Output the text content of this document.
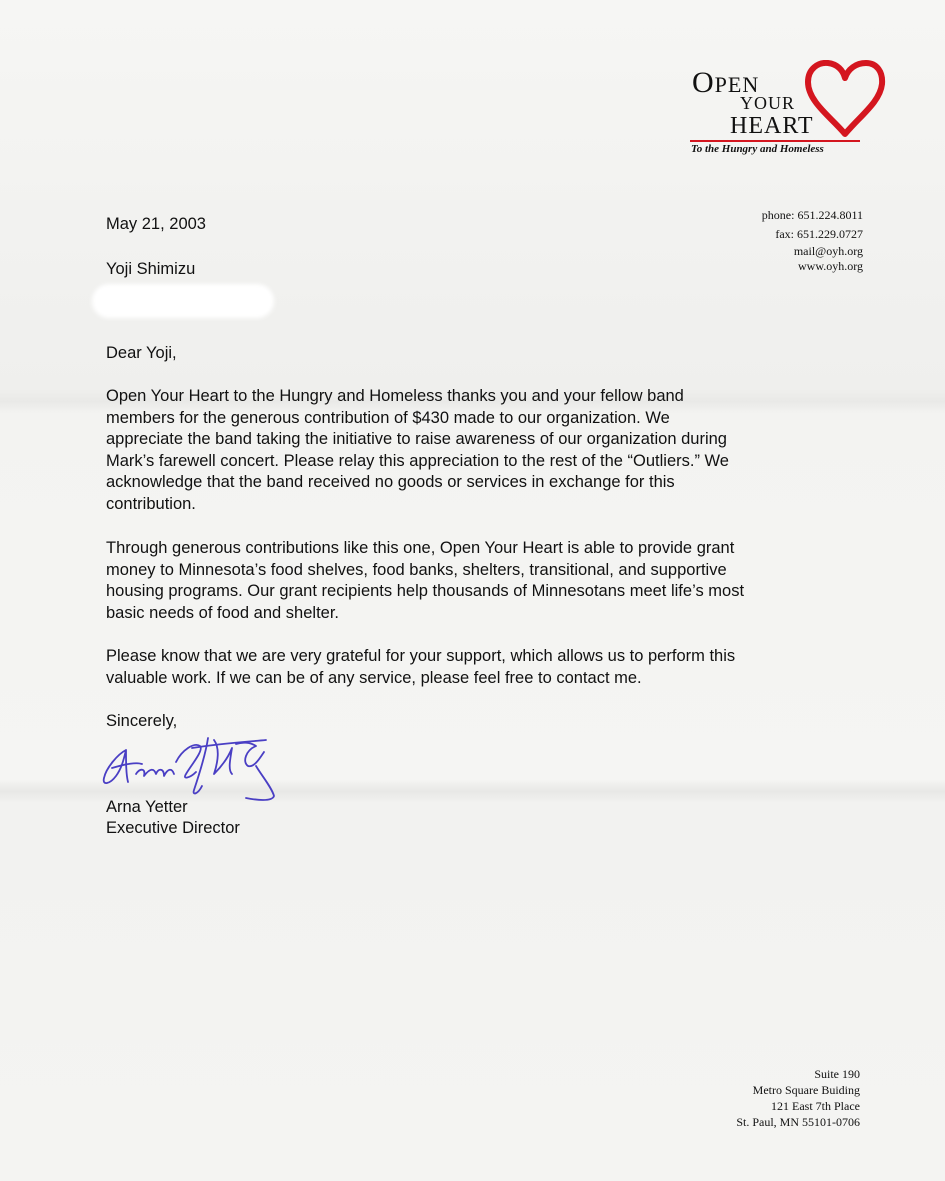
OPEN
YOUR
HEART
To the Hungry and Homeless
phone: 651.224.8011
fax: 651.229.0727
mail@oyh.org
www.oyh.org
May 21, 2003
Yoji Shimizu
Dear Yoji,
Open Your Heart to the Hungry and Homeless thanks you and your fellow band
members for the generous contribution of $430 made to our organization. We
appreciate the band taking the initiative to raise awareness of our organization during
Mark’s farewell concert. Please relay this appreciation to the rest of the “Outliers.” We
acknowledge that the band received no goods or services in exchange for this
contribution.
Through generous contributions like this one, Open Your Heart is able to provide grant
money to Minnesota’s food shelves, food banks, shelters, transitional, and supportive
housing programs. Our grant recipients help thousands of Minnesotans meet life’s most
basic needs of food and shelter.
Please know that we are very grateful for your support, which allows us to perform this
valuable work. If we can be of any service, please feel free to contact me.
Sincerely,
Arna Yetter
Executive Director
Suite 190
Metro Square Buiding
121 East 7th Place
St. Paul, MN 55101-0706
